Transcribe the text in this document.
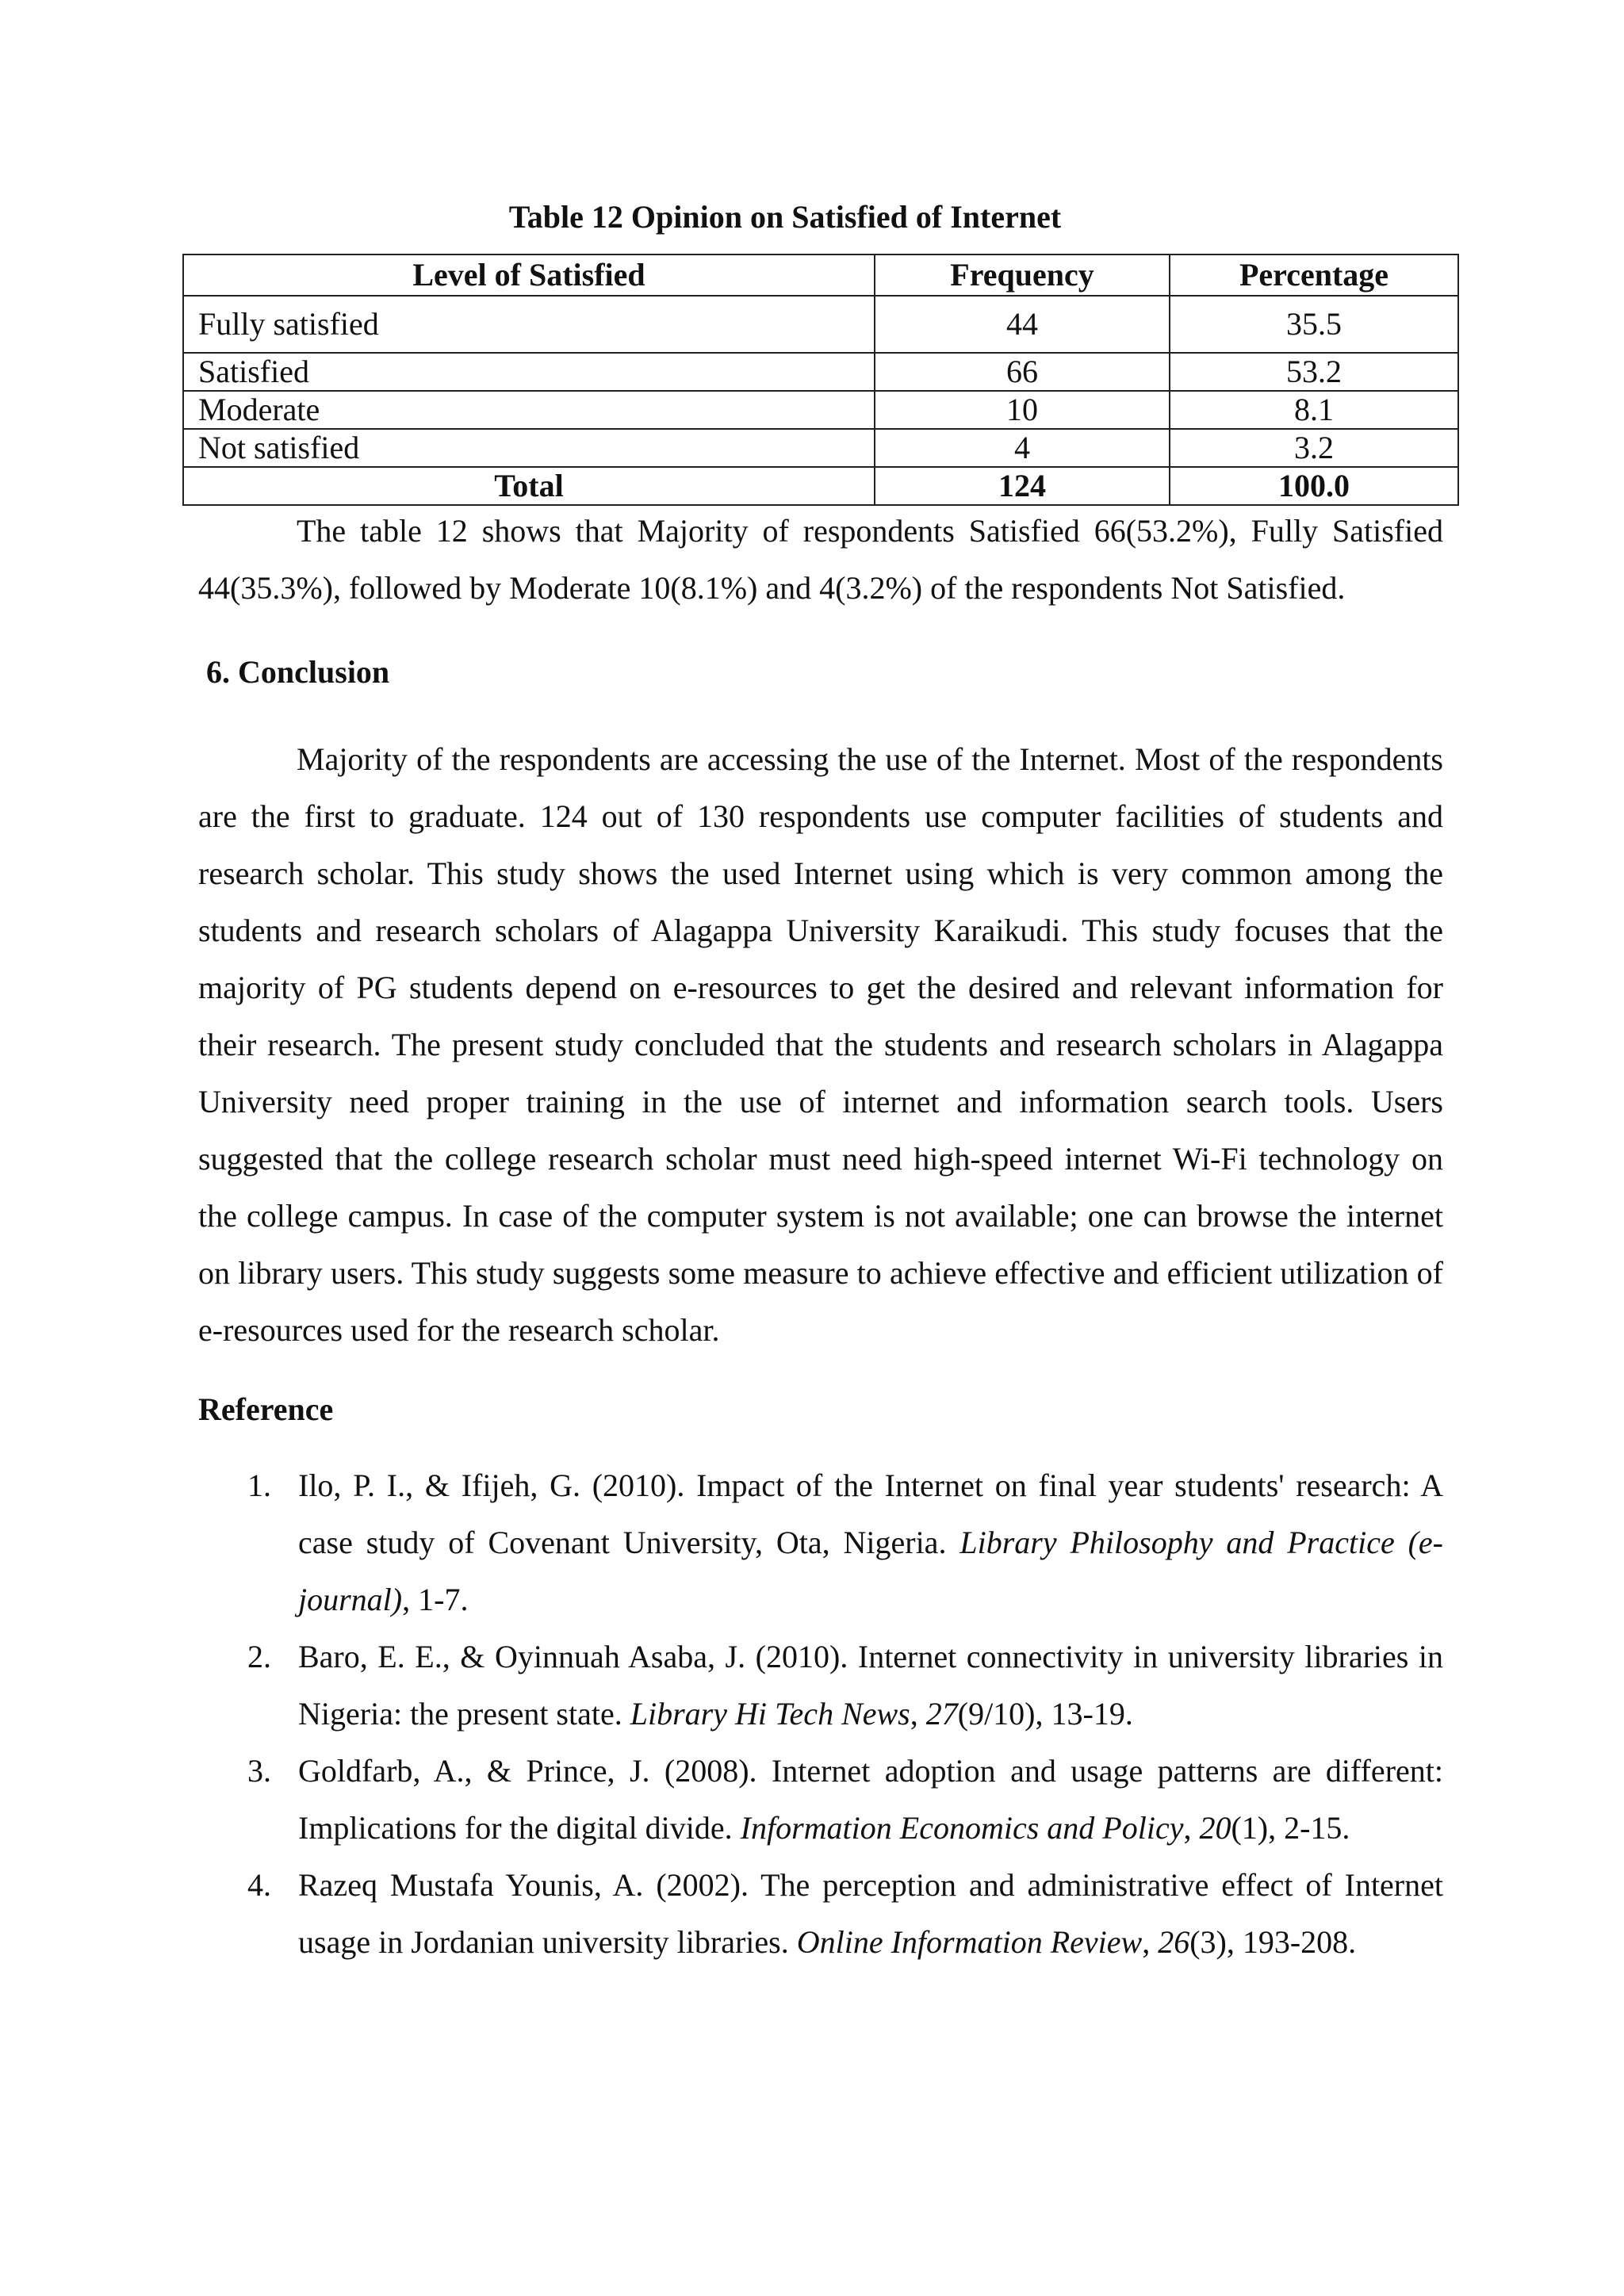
Table 12 Opinion on Satisfied of Internet
Level of Satisfied	Frequency	Percentage
Fully satisfied	44	35.5
Satisfied	66	53.2
Moderate	10	8.1
Not satisfied	4	3.2
Total	124	100.0

The table 12 shows that Majority of respondents Satisfied 66(53.2%), Fully Satisfied 44(35.3%), followed by Moderate 10(8.1%) and 4(3.2%) of the respondents Not Satisfied.

6. Conclusion

Majority of the respondents are accessing the use of the Internet. Most of the respondents are the first to graduate. 124 out of 130 respondents use computer facilities of students and research scholar. This study shows the used Internet using which is very common among the students and research scholars of Alagappa University Karaikudi. This study focuses that the majority of PG students depend on e-resources to get the desired and relevant information for their research. The present study concluded that the students and research scholars in Alagappa University need proper training in the use of internet and information search tools. Users suggested that the college research scholar must need high-speed internet Wi-Fi technology on the college campus. In case of the computer system is not available; one can browse the internet on library users. This study suggests some measure to achieve effective and efficient utilization of e-resources used for the research scholar.

Reference
1. Ilo, P. I., & Ifijeh, G. (2010). Impact of the Internet on final year students' research: A case study of Covenant University, Ota, Nigeria. Library Philosophy and Practice (e-journal), 1-7.
2. Baro, E. E., & Oyinnuah Asaba, J. (2010). Internet connectivity in university libraries in Nigeria: the present state. Library Hi Tech News, 27(9/10), 13-19.
3. Goldfarb, A., & Prince, J. (2008). Internet adoption and usage patterns are different: Implications for the digital divide. Information Economics and Policy, 20(1), 2-15.
4. Razeq Mustafa Younis, A. (2002). The perception and administrative effect of Internet usage in Jordanian university libraries. Online Information Review, 26(3), 193-208.
